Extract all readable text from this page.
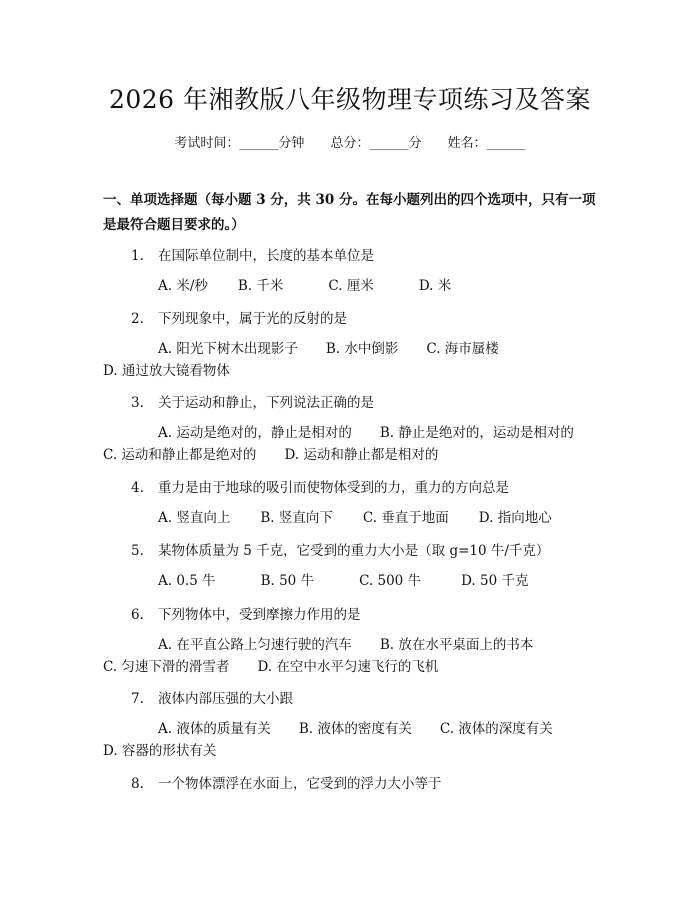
2026 年湘教版八年级物理专项练习及答案
考试时间：______分钟 总分：______分 姓名：______
一、单项选择题（每小题 3 分，共 30 分。在每小题列出的四个选项中，只有一项是最符合题目要求的。）
1. 在国际单位制中，长度的基本单位是
A. 米/秒 B. 千米	C. 厘米	D. 米
2. 下列现象中，属于光的反射的是
A. 阳光下树木出现影子 B. 水中倒影 C. 海市蜃楼
D. 通过放大镜看物体
3. 关于运动和静止，下列说法正确的是
A. 运动是绝对的，静止是相对的 B. 静止是绝对的，运动是相对的
C. 运动和静止都是绝对的 D. 运动和静止都是相对的
4. 重力是由于地球的吸引而使物体受到的力，重力的方向总是
A. 竖直向上 B. 竖直向下 C. 垂直于地面 D. 指向地心
5. 某物体质量为 5 千克，它受到的重力大小是（取 g=10 牛/千克）
A. 0.5 牛	B. 50 牛	C. 500 牛	D. 50 千克
6. 下列物体中，受到摩擦力作用的是
A. 在平直公路上匀速行驶的汽车 B. 放在水平桌面上的书本
C. 匀速下滑的滑雪者 D. 在空中水平匀速飞行的飞机
7. 液体内部压强的大小跟
A. 液体的质量有关 B. 液体的密度有关 C. 液体的深度有关
D. 容器的形状有关
8. 一个物体漂浮在水面上，它受到的浮力大小等于
